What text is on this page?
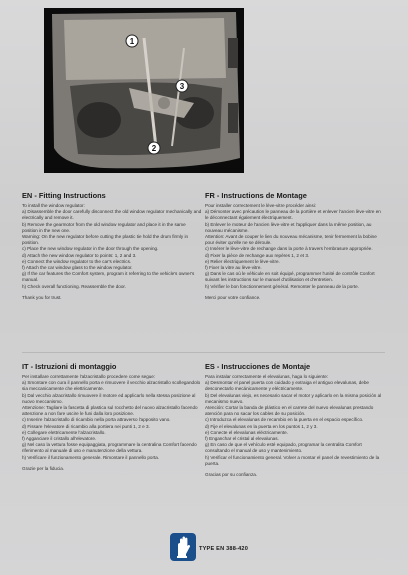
1
3
2
EN - Fitting Instructions

To install the window regulator:

a) Disassemble the door carefully disconnect the old window regulator mechanically and electrically and remove it.
b) Remove the gearmotor from the old window regulator and place it in the same position in the new one.
Warning: On the new regulator before cutting the plastic tie hold the drum firmly in position.
c) Place the new window regulator in the door through the opening.
d) Attach the new window regulator to points: 1, 2 and 3.
e) Connect the window regulator to the car's electrics.
f) Attach the car window glass to the window regulator.
g) If the car features the Comfort system, program it referring to the vehicle's owner's manual.
h) Check overall functioning. Reassemble the door.

Thank you for trust.

FR - Instructions de Montage

Pour installer correctement le lève-vitre procéder ainsi:

a) Démonter avec précaution le panneau de la portière et enlever l'ancien lève-vitre en le déconnectant également électriquement.
b) Enlever le moteur de l'ancien lève-vitre et l'appliquer dans la même position, au nouveau mécanisme.
Attention: Avant de couper le lien du nouveau mécanisme, tenir fermement la bobine pour éviter qu'elle ne se déroule.
c) Insérer le lève-vitre de rechange dans la porte à travers l'embrasure appropriée.
d) Fixer la pièce de rechange aux repères 1, 2 et 3.
e) Relier électriquement le lève-vitre.
f) Fixer la vitre au lève-vitre.
g) Dans le cas où le véhicule en soit équipé, programmer l'unité de contrôle Confort suivant les instructions sur le manuel d'utilisation et d'entretien.
h) Vérifier le bon fonctionnement général. Remonter le panneau de la porte.

Merci pour votre confiance.

IT - Istruzioni di montaggio

Per installare correttamente l'alzacristallo procedere come segue:

a) Smontare con cura il pannello porta e rimuovere il vecchio alzacristallo scollegandolo sia meccanicamente che elettricamente.
b) Dal vecchio alzacristallo rimuovere il motore ed applicarlo nella stessa posizione al nuovo meccanismo.
Attenzione: Tagliare la fascetta di plastica sul rocchetto del nuovo alzacristallo facendo attenzione a non fare uscire le funi dalla loro posizione.
c) Inserire l'alzacristallo di ricambio nella porta attraverso l'apposito vano.
d) Fissare l'elevatore di ricambio alla portiera nei punti 1, 2 e 3.
e) Collegare elettricamente l'alzacristallo.
f) Agganciare il cristallo all'elevatore.
g) Nel caso la vettura fosse equipaggiata, programmare la centralina Comfort facendo riferimento al manuale di uso e manutenzione della vettura.
h) Verificare il funzionamento generale. Rimontare il pannello porta.

Grazie per la fiducia.

ES - Instrucciones de Montaje

Para instalar correctamente el elevalunas, haga lo siguiente:

a) Desmontar el panel puerta con cuidado y extraiga el antiguo elevalunas, debe desconectarlo mecánicamente y eléctricamente.
b) Del elevalunas viejo, es necesario sacar el motor y aplicarlo en la misma posición al mecanismo nuevo.
Atención: Cortar la banda de plástico en el carrete del nuevo elevalunas prestando atención para no sacar los cables de su posición.
c) Introduzca el elevalunas de recambio en la puerta en el espacio específico.
d) Fije el elevalunas en la puerta en los puntos 1, 2 y 3.
e) Conecte el elevalunas eléctricamente.
f) Enganchar el cristal al elevalunas.
g) En caso de que el vehículo esté equipado, programar la centralita Comfort consultando el manual de uso y mantenimiento.
h) Verificar el funcionamiento general. Volver a montar el panel de revestimiento de la puerta.

Gracias por su confianza.

TYPE EN 388-420
